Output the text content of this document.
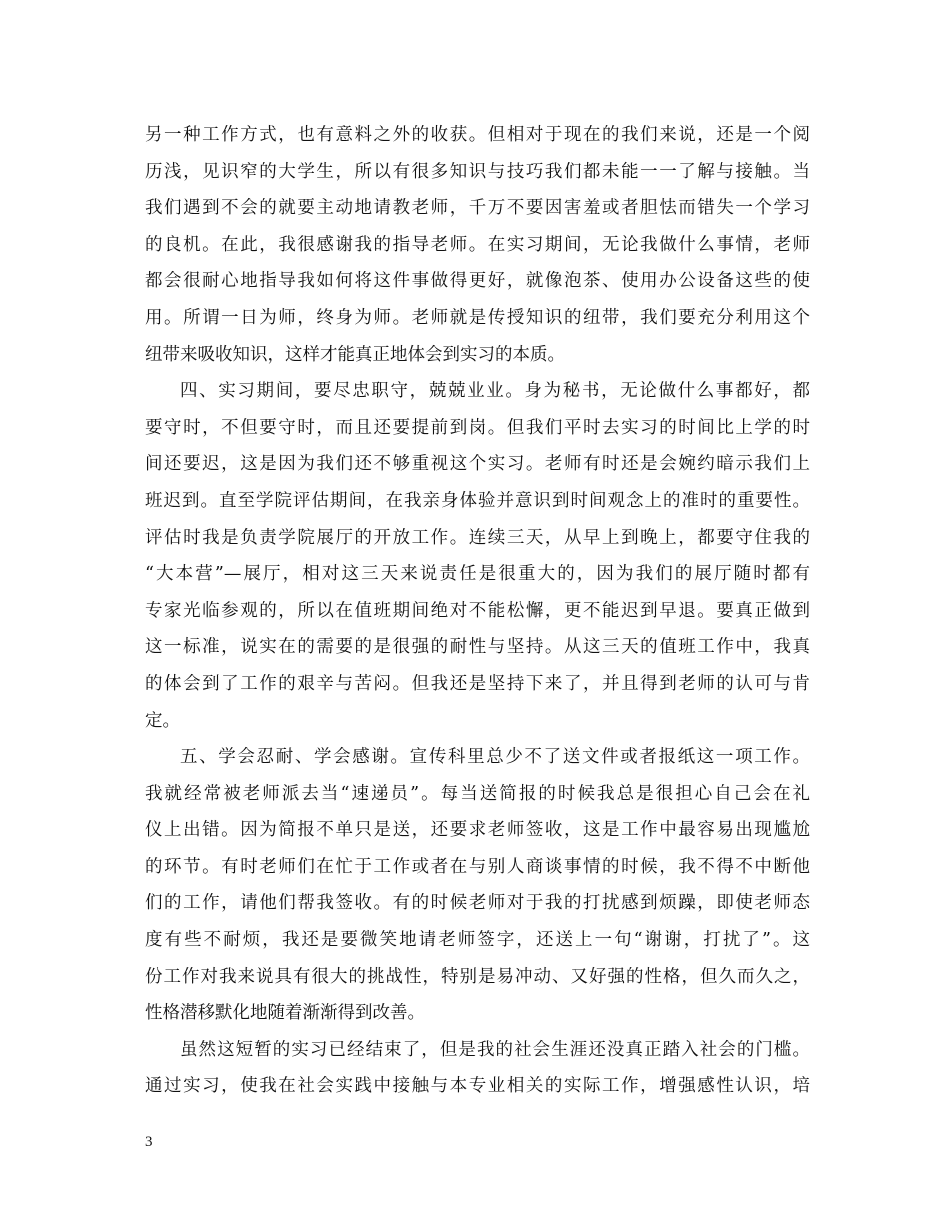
另一种工作方式，也有意料之外的收获。但相对于现在的我们来说，还是一个阅
历浅，见识窄的大学生，所以有很多知识与技巧我们都未能一一了解与接触。当
我们遇到不会的就要主动地请教老师，千万不要因害羞或者胆怯而错失一个学习
的良机。在此，我很感谢我的指导老师。在实习期间，无论我做什么事情，老师
都会很耐心地指导我如何将这件事做得更好，就像泡茶、使用办公设备这些的使
用。所谓一日为师，终身为师。老师就是传授知识的纽带，我们要充分利用这个
纽带来吸收知识，这样才能真正地体会到实习的本质。
四、实习期间，要尽忠职守，兢兢业业。身为秘书，无论做什么事都好，都
要守时，不但要守时，而且还要提前到岗。但我们平时去实习的时间比上学的时
间还要迟，这是因为我们还不够重视这个实习。老师有时还是会婉约暗示我们上
班迟到。直至学院评估期间，在我亲身体验并意识到时间观念上的准时的重要性。
评估时我是负责学院展厅的开放工作。连续三天，从早上到晚上，都要守住我的
“大本营”—展厅，相对这三天来说责任是很重大的，因为我们的展厅随时都有
专家光临参观的，所以在值班期间绝对不能松懈，更不能迟到早退。要真正做到
这一标准，说实在的需要的是很强的耐性与坚持。从这三天的值班工作中，我真
的体会到了工作的艰辛与苦闷。但我还是坚持下来了，并且得到老师的认可与肯
定。
五、学会忍耐、学会感谢。宣传科里总少不了送文件或者报纸这一项工作。
我就经常被老师派去当“速递员”。每当送简报的时候我总是很担心自己会在礼
仪上出错。因为简报不单只是送，还要求老师签收，这是工作中最容易出现尴尬
的环节。有时老师们在忙于工作或者在与别人商谈事情的时候，我不得不中断他
们的工作，请他们帮我签收。有的时候老师对于我的打扰感到烦躁，即使老师态
度有些不耐烦，我还是要微笑地请老师签字，还送上一句“谢谢，打扰了”。这
份工作对我来说具有很大的挑战性，特别是易冲动、又好强的性格，但久而久之，
性格潜移默化地随着渐渐得到改善。
虽然这短暂的实习已经结束了，但是我的社会生涯还没真正踏入社会的门槛。
通过实习，使我在社会实践中接触与本专业相关的实际工作，增强感性认识，培
3
